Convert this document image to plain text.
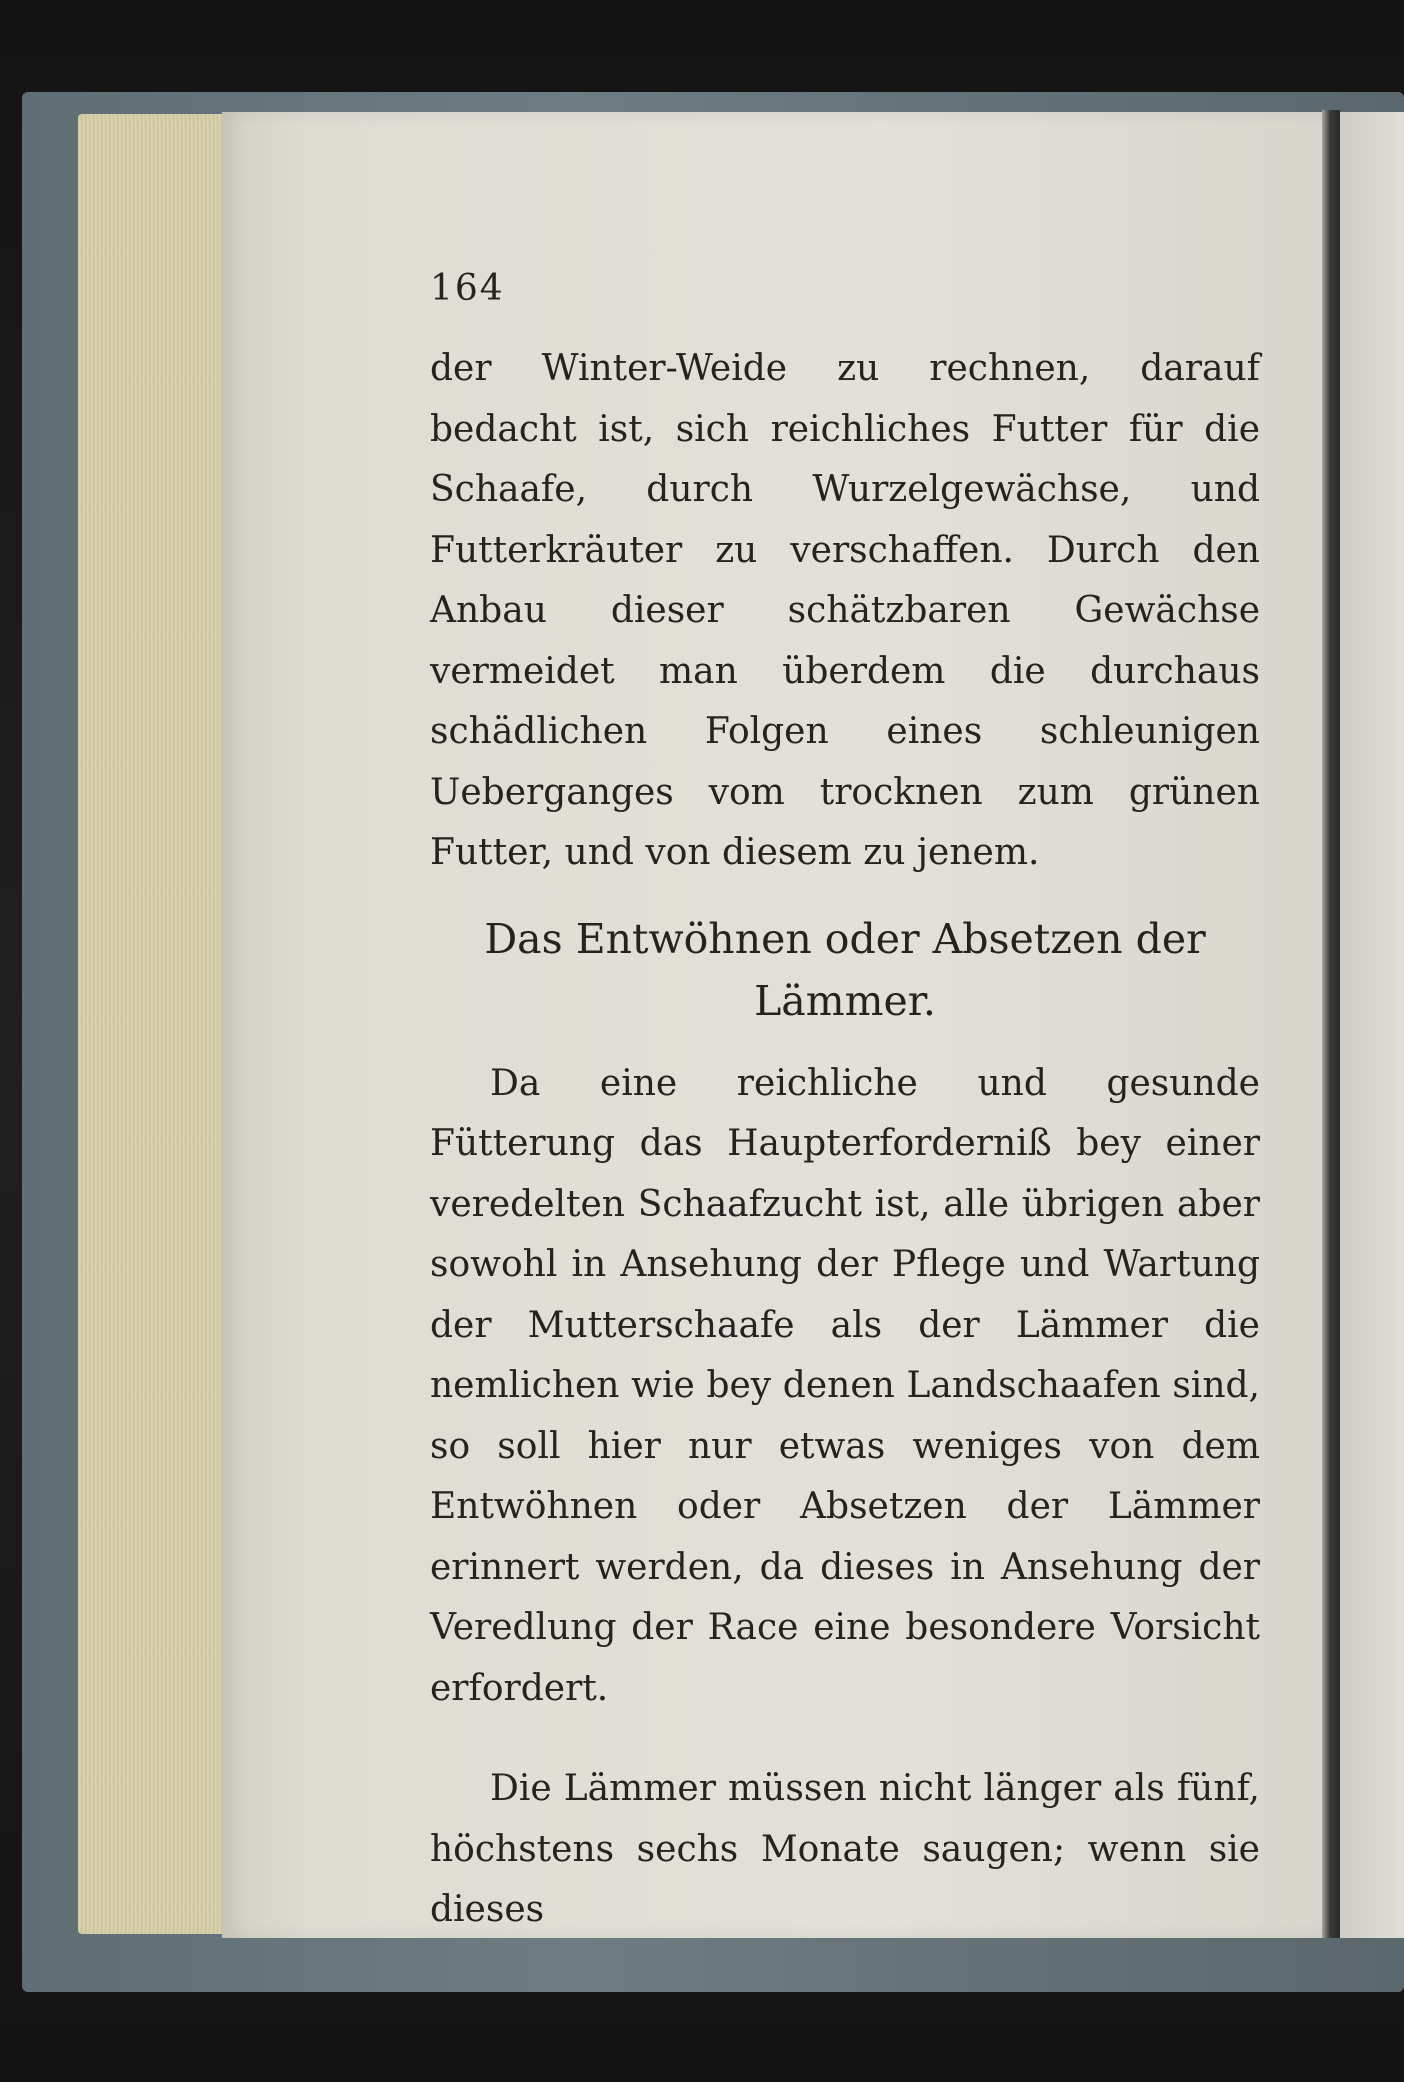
164

der Winter-Weide zu rechnen, darauf bedacht ist, sich reichliches Futter für die Schaafe, durch Wurzelgewächse, und Futterkräuter zu verschaffen. Durch den Anbau dieser schätzbaren Gewächse vermeidet man überdem die durchaus schädlichen Folgen eines schleunigen Ueberganges vom trocknen zum grünen Futter, und von diesem zu jenem.

Das Entwöhnen oder Absetzen der Lämmer.

Da eine reichliche und gesunde Fütterung das Haupterforderniß bey einer veredelten Schaafzucht ist, alle übrigen aber sowohl in Ansehung der Pflege und Wartung der Mutterschaafe als der Lämmer die nemlichen wie bey denen Landschaafen sind, so soll hier nur etwas weniges von dem Entwöhnen oder Absetzen der Lämmer erinnert werden, da dieses in Ansehung der Veredlung der Race eine besondere Vorsicht erfordert.

Die Lämmer müssen nicht länger als fünf, höchstens sechs Monate saugen; wenn sie dieses
